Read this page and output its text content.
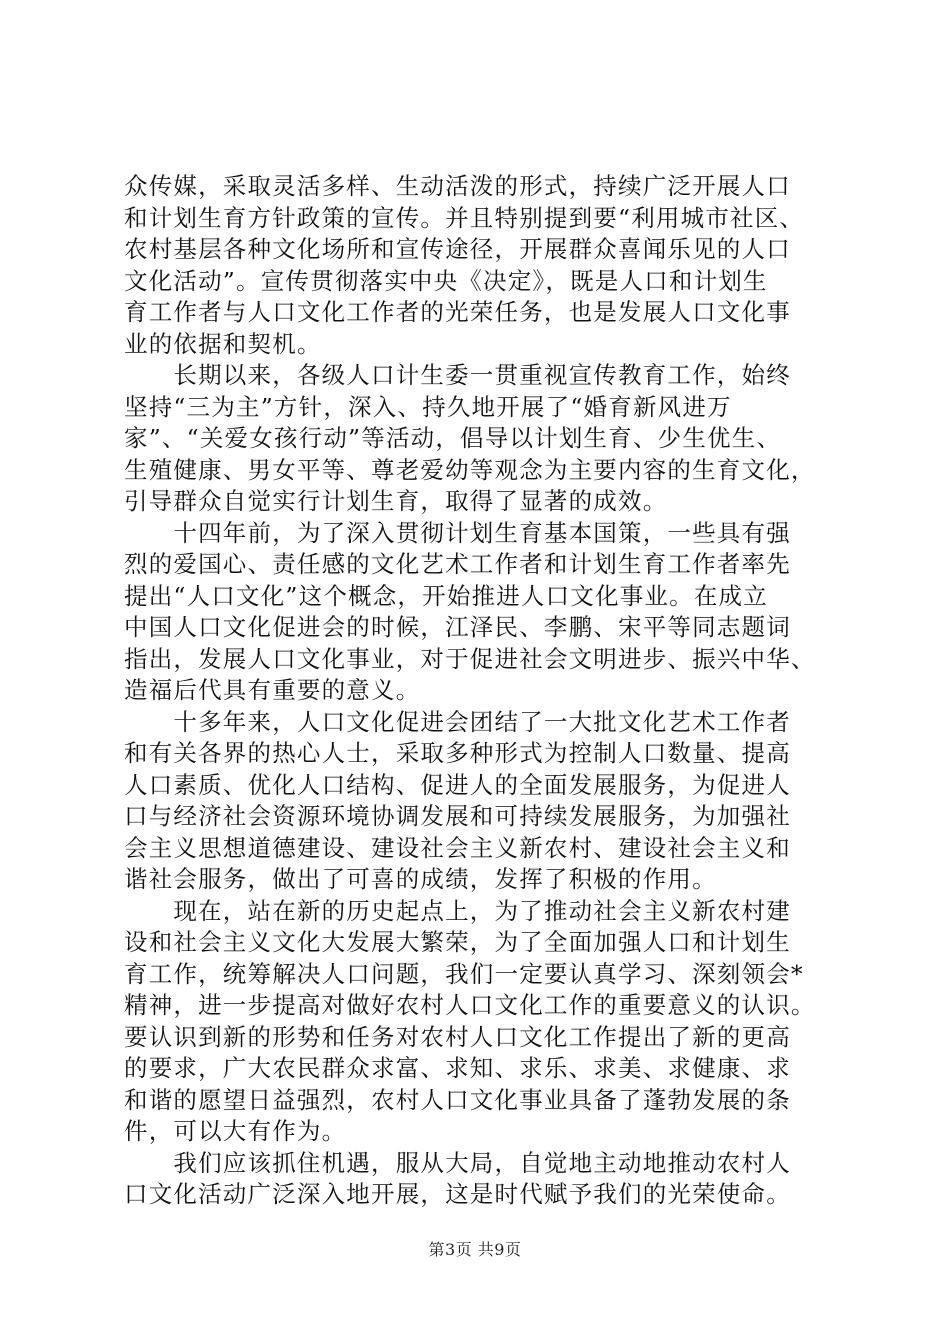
众传媒，采取灵活多样、生动活泼的形式，持续广泛开展人口
和计划生育方针政策的宣传。并且特别提到要“利用城市社区、
农村基层各种文化场所和宣传途径，开展群众喜闻乐见的人口
文化活动”。宣传贯彻落实中央《决定》，既是人口和计划生
育工作者与人口文化工作者的光荣任务，也是发展人口文化事
业的依据和契机。

　　长期以来，各级人口计生委一贯重视宣传教育工作，始终
坚持“三为主”方针，深入、持久地开展了“婚育新风进万
家”、“关爱女孩行动”等活动，倡导以计划生育、少生优生、
生殖健康、男女平等、尊老爱幼等观念为主要内容的生育文化，
引导群众自觉实行计划生育，取得了显著的成效。

　　十四年前，为了深入贯彻计划生育基本国策，一些具有强
烈的爱国心、责任感的文化艺术工作者和计划生育工作者率先
提出“人口文化”这个概念，开始推进人口文化事业。在成立
中国人口文化促进会的时候，江泽民、李鹏、宋平等同志题词
指出，发展人口文化事业，对于促进社会文明进步、振兴中华、
造福后代具有重要的意义。

　　十多年来，人口文化促进会团结了一大批文化艺术工作者
和有关各界的热心人士，采取多种形式为控制人口数量、提高
人口素质、优化人口结构、促进人的全面发展服务，为促进人
口与经济社会资源环境协调发展和可持续发展服务，为加强社
会主义思想道德建设、建设社会主义新农村、建设社会主义和
谐社会服务，做出了可喜的成绩，发挥了积极的作用。

　　现在，站在新的历史起点上，为了推动社会主义新农村建
设和社会主义文化大发展大繁荣，为了全面加强人口和计划生
育工作，统筹解决人口问题，我们一定要认真学习、深刻领会*
精神，进一步提高对做好农村人口文化工作的重要意义的认识。
要认识到新的形势和任务对农村人口文化工作提出了新的更高
的要求，广大农民群众求富、求知、求乐、求美、求健康、求
和谐的愿望日益强烈，农村人口文化事业具备了蓬勃发展的条
件，可以大有作为。

　　我们应该抓住机遇，服从大局，自觉地主动地推动农村人
口文化活动广泛深入地开展，这是时代赋予我们的光荣使命。

第3页 共9页
